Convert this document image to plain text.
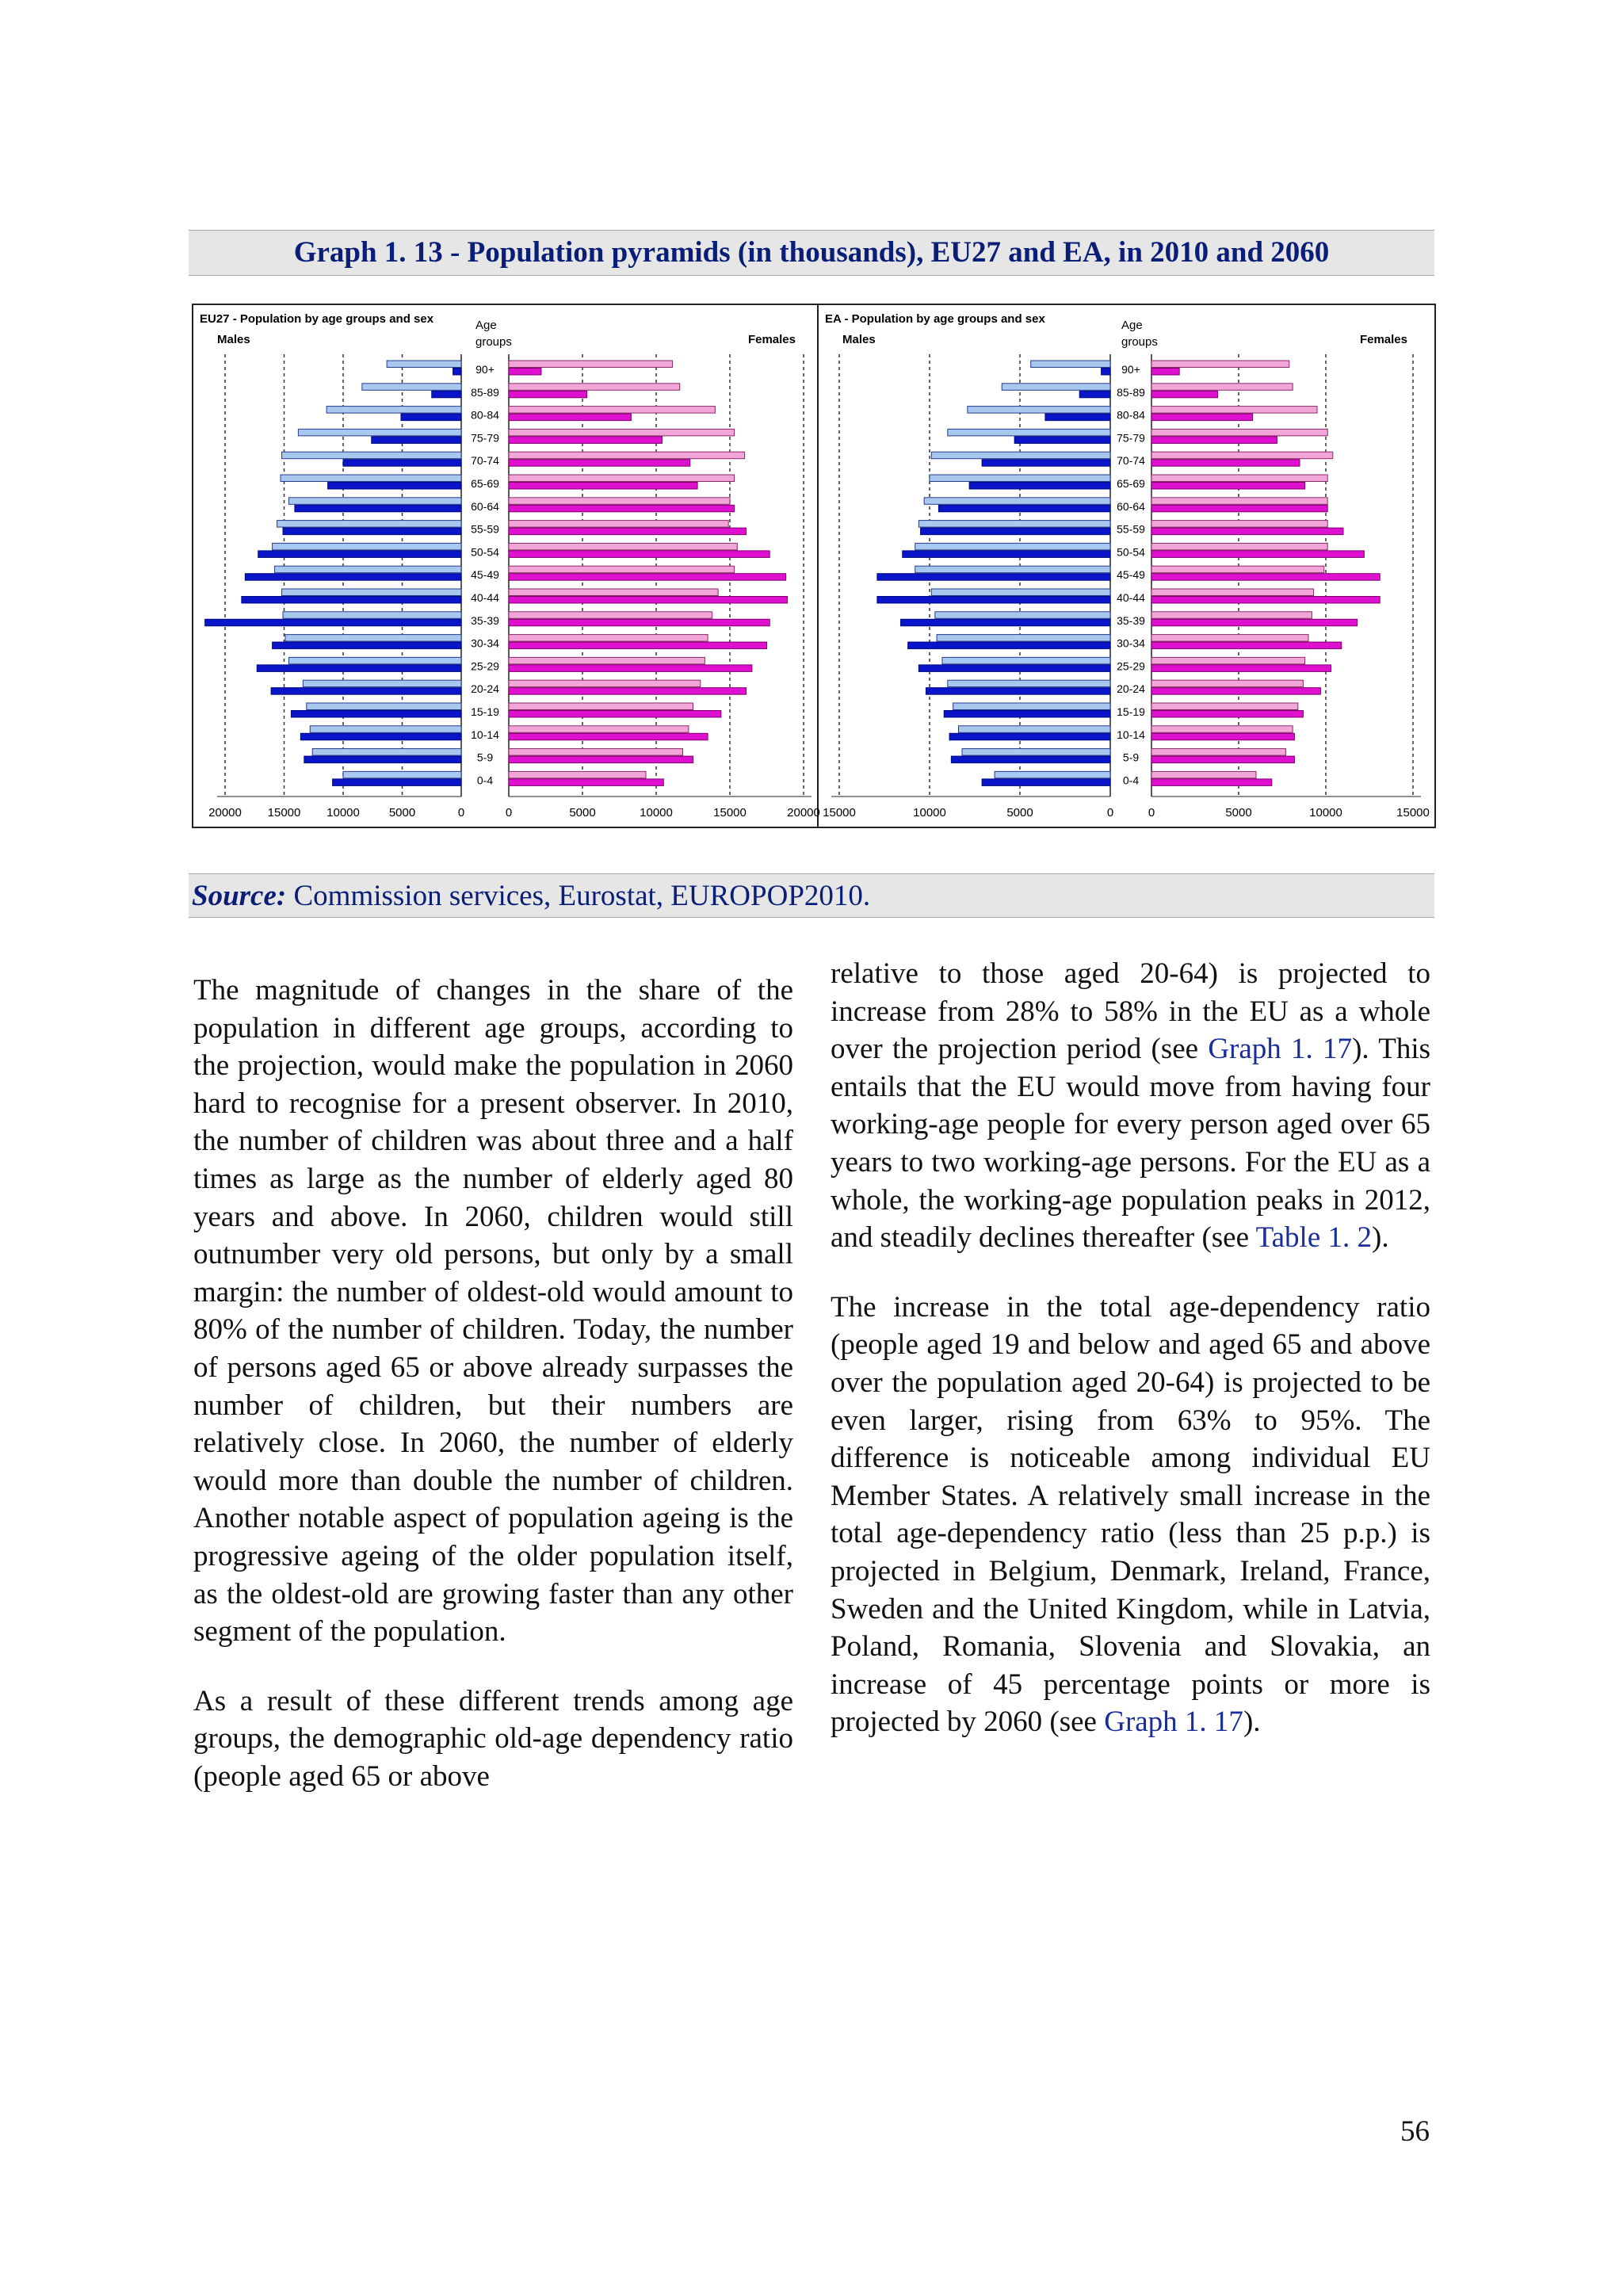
Graph 1. 13 - Population pyramids (in thousands), EU27 and EA, in 2010 and 2060
EU27 - Population by age groups and sex
Males	Females
Age
groups
20000 15000 10000 5000	0	0	5000	10000	15000	20000
90+
85-89
80-84
75-79
70-74
65-69
60-64
55-59
50-54
45-49
40-44
35-39
30-34
25-29
20-24
15-19
10-14
5-9
0-4
EA - Population by age groups and sex
Males	Females
Age
groups
15000	10000	5000	0	0	5000	10000	15000
90+
85-89
80-84
75-79
70-74
65-69
60-64
55-59
50-54
45-49
40-44
35-39
30-34
25-29
20-24
15-19
10-14
5-9
0-4
Source: Commission services, Eurostat, EUROPOP2010.

The magnitude of changes in the share of the population in different age groups, according to the projection, would make the population in 2060 hard to recognise for a present observer. In 2010, the number of children was about three and a half times as large as the number of elderly aged 80 years and above. In 2060, children would still outnumber very old persons, but only by a small margin: the number of oldest-old would amount to 80% of the number of children. Today, the number of persons aged 65 or above already surpasses the number of children, but their numbers are relatively close. In 2060, the number of elderly would more than double the number of children. Another notable aspect of population ageing is the progressive ageing of the older population itself, as the oldest-old are growing faster than any other segment of the population.

As a result of these different trends among age groups, the demographic old-age dependency ratio (people aged 65 or above

relative to those aged 20-64) is projected to increase from 28% to 58% in the EU as a whole over the projection period (see Graph 1. 17). This entails that the EU would move from having four working-age people for every person aged over 65 years to two working-age persons. For the EU as a whole, the working-age population peaks in 2012, and steadily declines thereafter (see Table 1. 2).

The increase in the total age-dependency ratio (people aged 19 and below and aged 65 and above over the population aged 20-64) is projected to be even larger, rising from 63% to 95%. The difference is noticeable among individual EU Member States. A relatively small increase in the total age-dependency ratio (less than 25 p.p.) is projected in Belgium, Denmark, Ireland, France, Sweden and the United Kingdom, while in Latvia, Poland, Romania, Slovenia and Slovakia, an increase of 45 percentage points or more is projected by 2060 (see Graph 1. 17).

56
